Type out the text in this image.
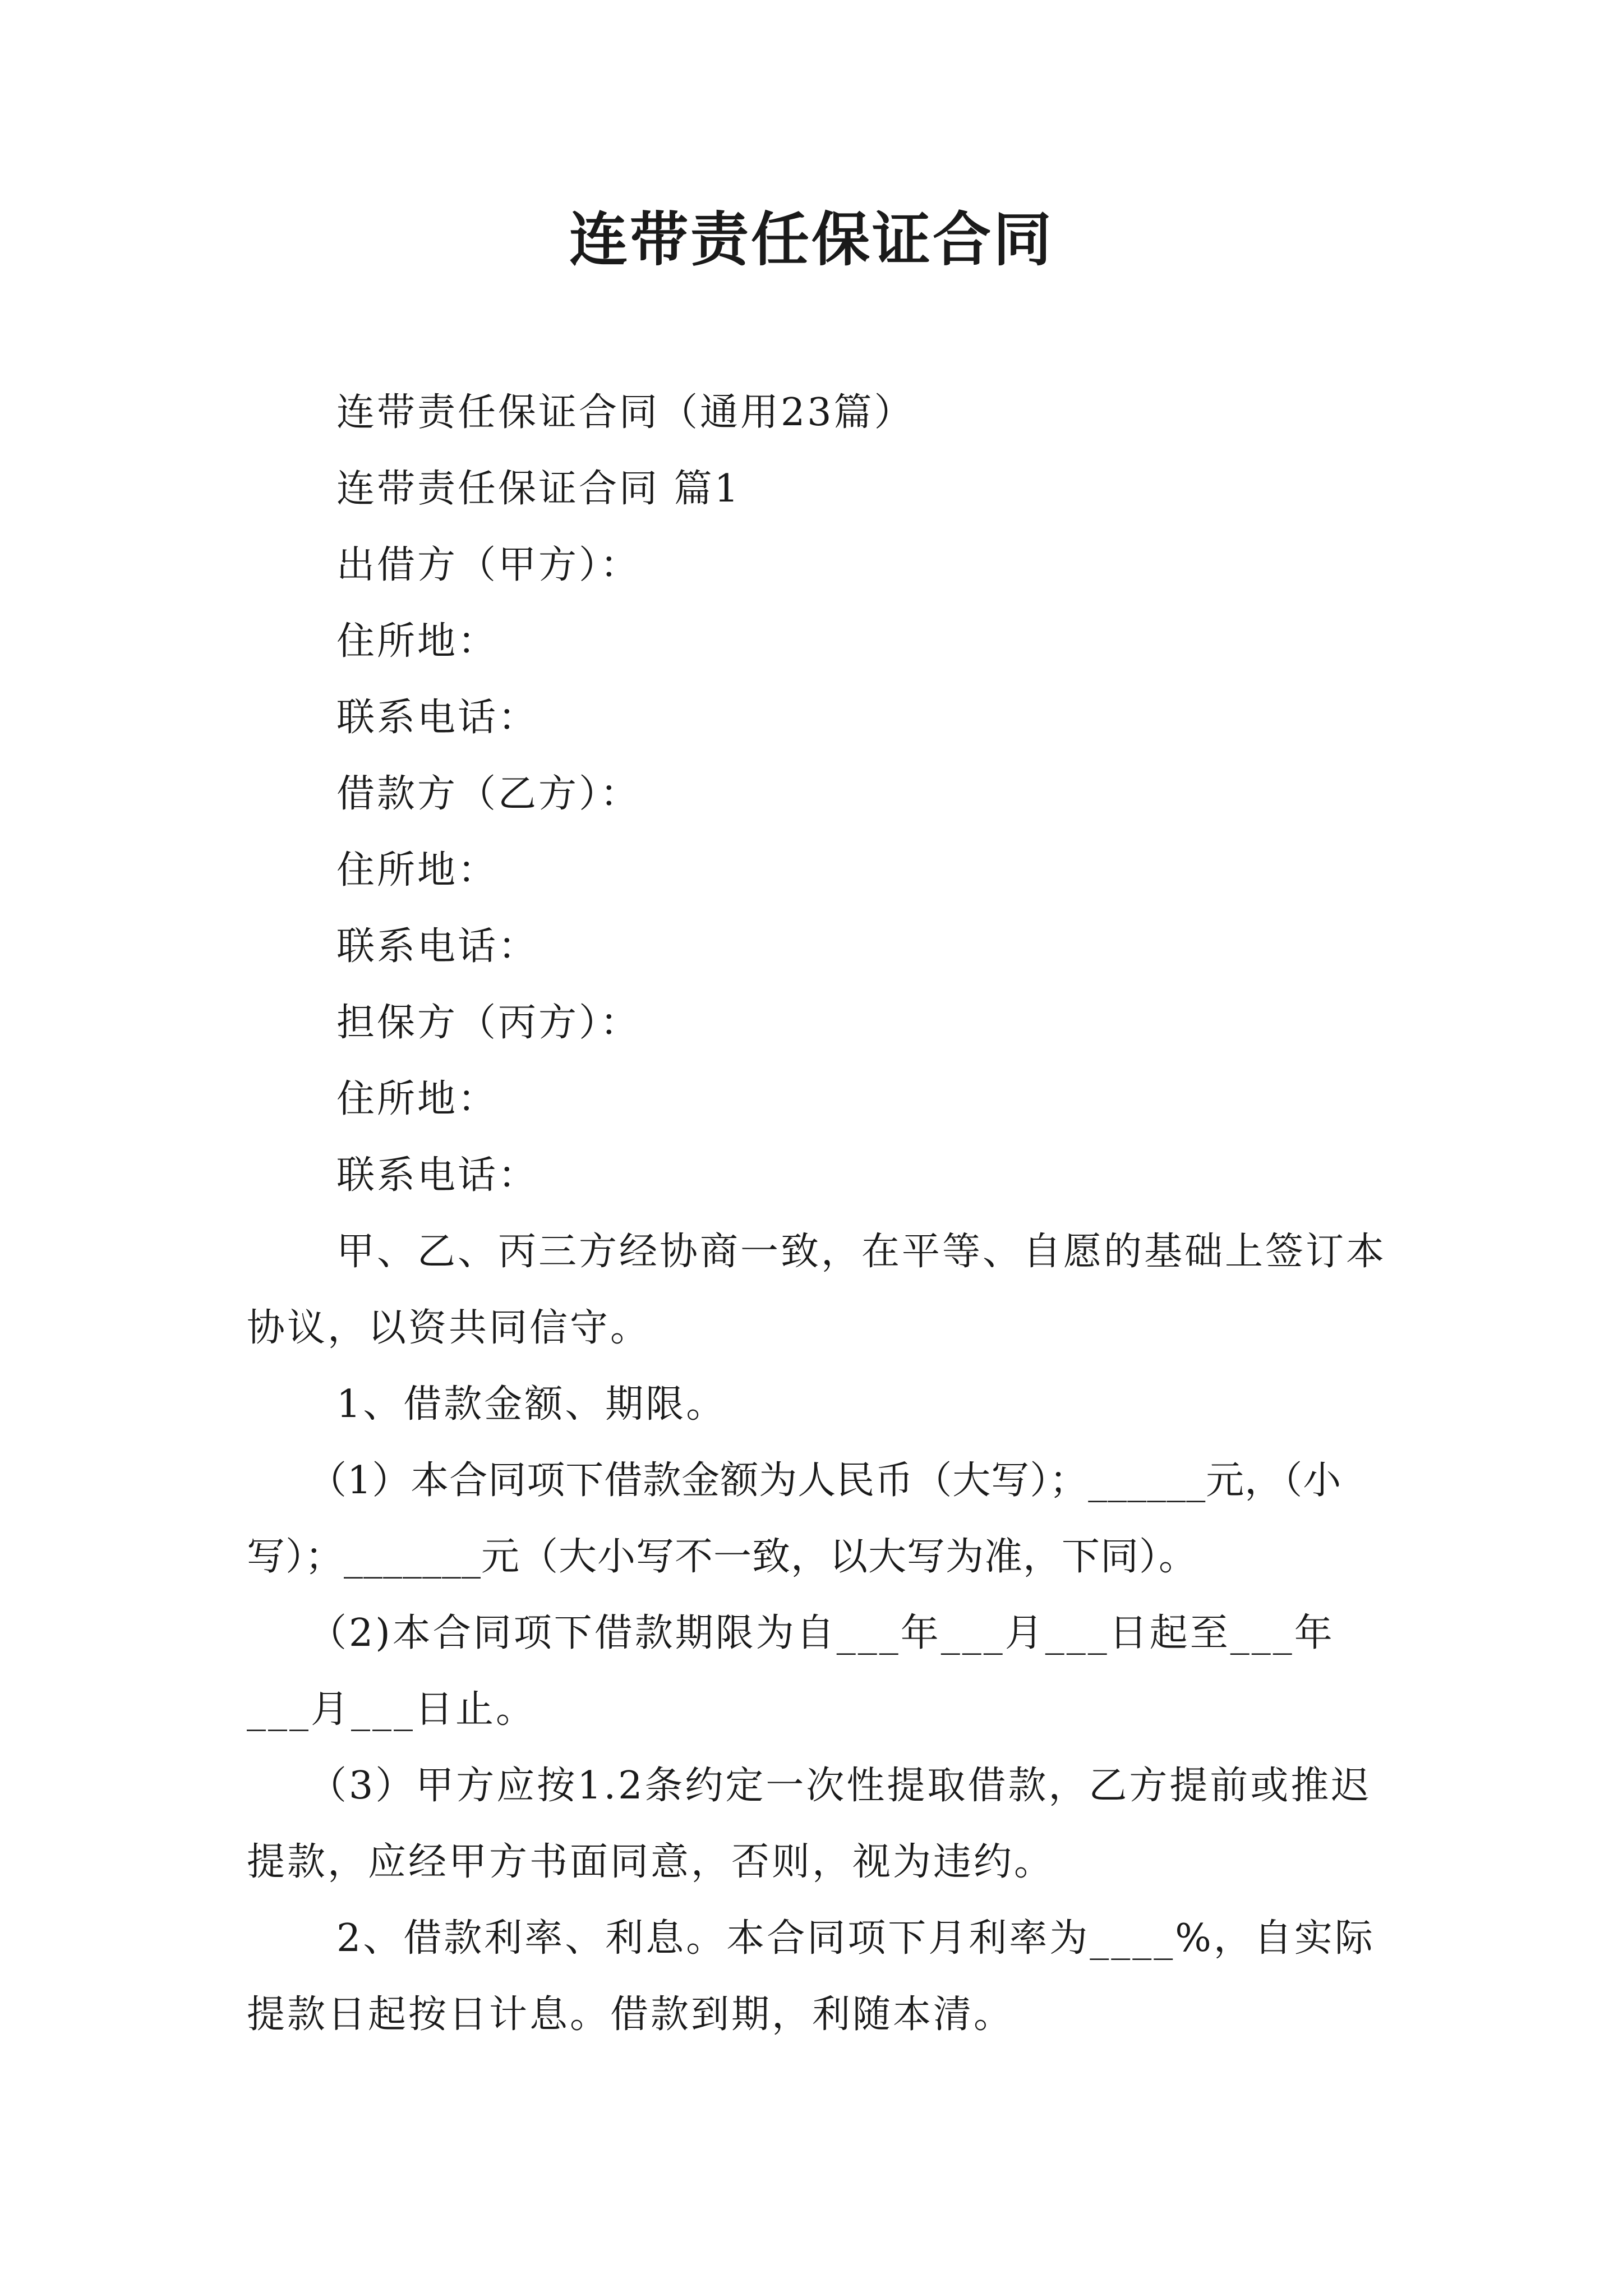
连带责任保证合同

连带责任保证合同（通用23篇）

连带责任保证合同 篇1

出借方（甲方）：

住所地：

联系电话：

借款方（乙方）：

住所地：

联系电话：

担保方（丙方）：

住所地：

联系电话：

甲、乙、丙三方经协商一致，在平等、自愿的基础上签订本协议，以资共同信守。

1、借款金额、期限。

（1）本合同项下借款金额为人民币（大写）；______元，（小写）；_______元（大小写不一致，以大写为准，下同）。

（2)本合同项下借款期限为自___年___月___日起至___年___月___日止。

（3）甲方应按1.2条约定一次性提取借款，乙方提前或推迟提款，应经甲方书面同意，否则，视为违约。

2、借款利率、利息。本合同项下月利率为____%，自实际提款日起按日计息。借款到期，利随本清。
